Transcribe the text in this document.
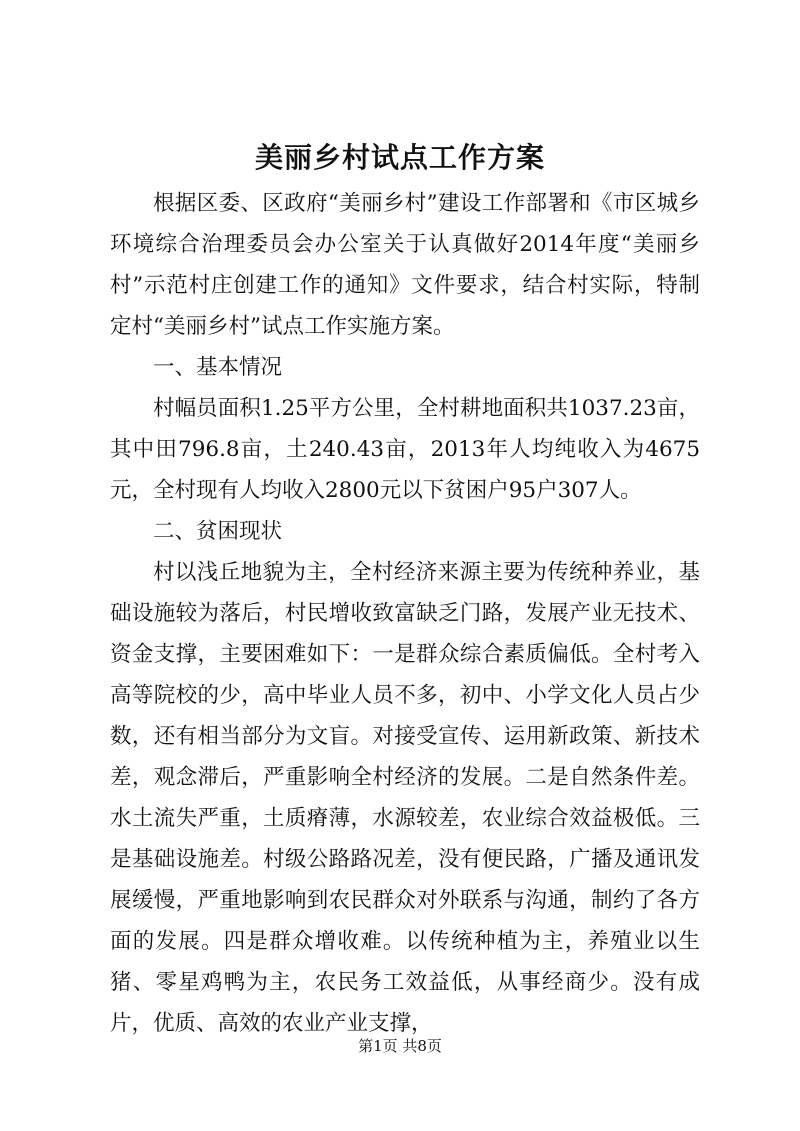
美丽乡村试点工作方案

根据区委、区政府“美丽乡村”建设工作部署和《市区城乡环境综合治理委员会办公室关于认真做好2014年度“美丽乡村”示范村庄创建工作的通知》文件要求，结合村实际，特制定村“美丽乡村”试点工作实施方案。

一、基本情况

村幅员面积1.25平方公里，全村耕地面积共1037.23亩，其中田796.8亩，土240.43亩，2013年人均纯收入为4675元，全村现有人均收入2800元以下贫困户95户307人。

二、贫困现状

村以浅丘地貌为主，全村经济来源主要为传统种养业，基础设施较为落后，村民增收致富缺乏门路，发展产业无技术、资金支撑，主要困难如下：一是群众综合素质偏低。全村考入高等院校的少，高中毕业人员不多，初中、小学文化人员占少数，还有相当部分为文盲。对接受宣传、运用新政策、新技术差，观念滞后，严重影响全村经济的发展。二是自然条件差。水土流失严重，土质瘠薄，水源较差，农业综合效益极低。三是基础设施差。村级公路路况差，没有便民路，广播及通讯发展缓慢，严重地影响到农民群众对外联系与沟通，制约了各方面的发展。四是群众增收难。以传统种植为主，养殖业以生猪、零星鸡鸭为主，农民务工效益低，从事经商少。没有成片，优质、高效的农业产业支撑，

第1页 共8页
